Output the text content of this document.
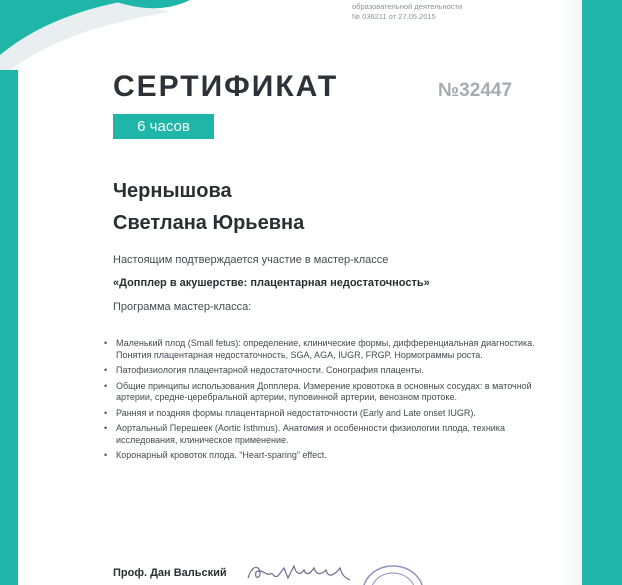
образовательной деятельности
№ 036211 от 27.05.2015
СЕРТИФИКАТ	№32447
6 часов
Чернышова
Светлана Юрьевна
Настоящим подтверждается участие в мастер-классе
«Допплер в акушерстве: плацентарная недостаточность»
Программа мастер-класса:
• Маленький плод (Small fetus): определение, клинические формы, дифференциальная диагностика. Понятия плацентарная недостаточность, SGA, AGA, IUGR, FRGP. Нормограммы роста.
• Патофизиология плацентарной недостаточности. Сонография плаценты.
• Общие принципы использования Допплера. Измерение кровотока в основных сосудах: в маточной артерии, средне-церебральной артерии, пуповинной артерии, венозном протоке.
• Ранняя и поздняя формы плацентарной недостаточности (Early and Late onset IUGR).
• Аортальный Перешеек (Aortic Isthmus). Анатомия и особенности физиологии плода, техника исследования, клиническое применение.
• Коронарный кровоток плода. “Heart-sparing” effect.
Проф. Дан Вальский
